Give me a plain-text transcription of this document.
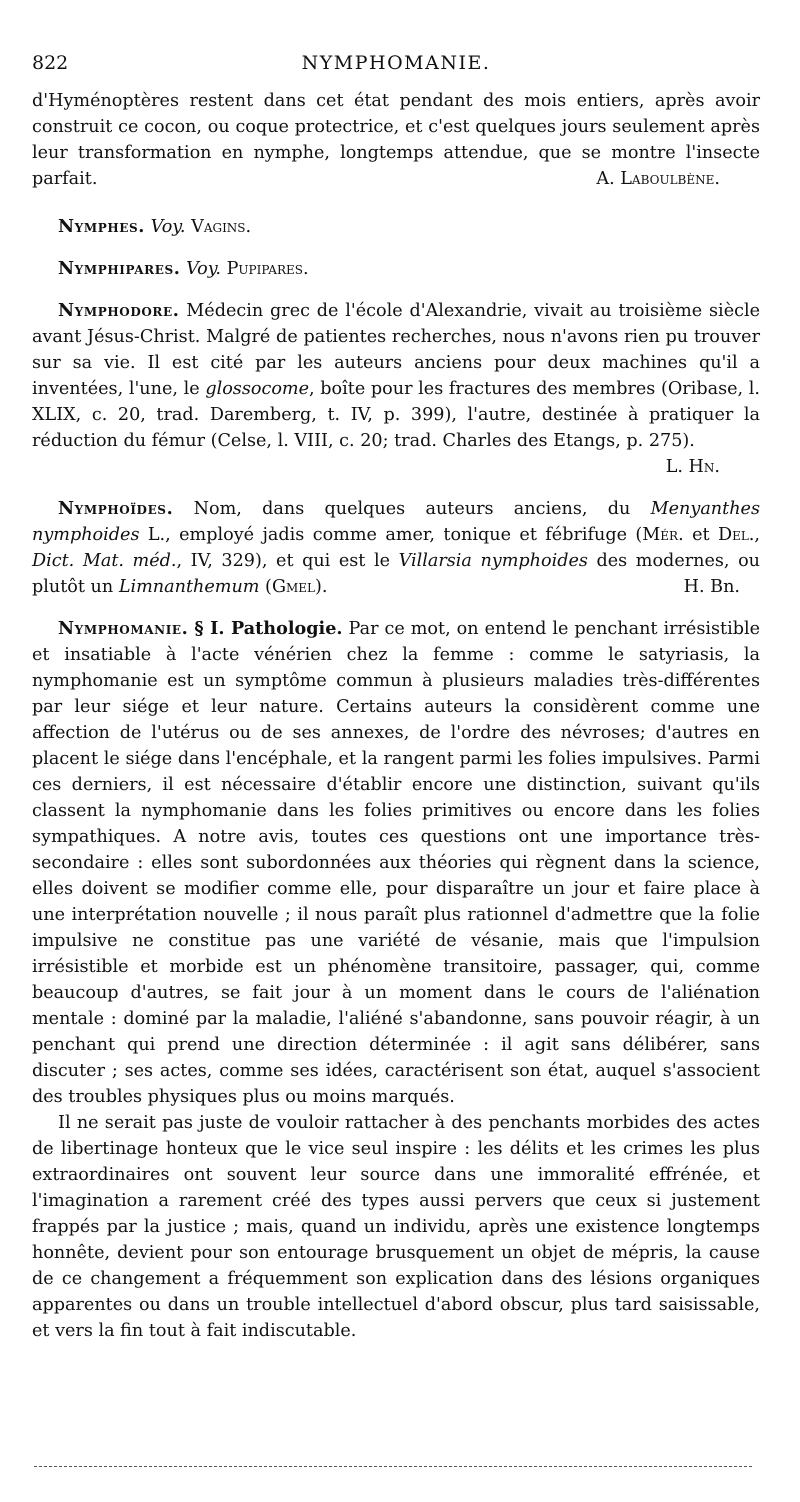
822	NYMPHOMANIE.

d'Hyménoptères restent dans cet état pendant des mois entiers, après avoir construit ce cocon, ou coque protectrice, et c'est quelques jours seulement après leur transformation en nymphe, longtemps attendue, que se montre l'insecte parfait.	A. Laboulbène.

Nymphes. Voy. Vagins.
Nymphipares. Voy. Pupipares.

Nymphodore. Médecin grec de l'école d'Alexandrie, vivait au troisième siècle avant Jésus-Christ. Malgré de patientes recherches, nous n'avons rien pu trouver sur sa vie. Il est cité par les auteurs anciens pour deux machines qu'il a inventées, l'une, le glossocome, boîte pour les fractures des membres (Oribase, l. XLIX, c. 20, trad. Daremberg, t. IV, p. 399), l'autre, destinée à pratiquer la réduction du fémur (Celse, l. VIII, c. 20; trad. Charles des Etangs, p. 275).

L. Hn.

Nymphoïdes. Nom, dans quelques auteurs anciens, du Menyanthes nymphoides L., employé jadis comme amer, tonique et fébrifuge (Mér. et Del., Dict. Mat. méd., IV, 329), et qui est le Villarsia nymphoides des modernes, ou plutôt un Limnanthemum (Gmel).	H. Bn.

Nymphomanie. § I. Pathologie. Par ce mot, on entend le penchant irrésistible et insatiable à l'acte vénérien chez la femme : comme le satyriasis, la nymphomanie est un symptôme commun à plusieurs maladies très-différentes par leur siége et leur nature. Certains auteurs la considèrent comme une affection de l'utérus ou de ses annexes, de l'ordre des névroses; d'autres en placent le siége dans l'encéphale, et la rangent parmi les folies impulsives. Parmi ces derniers, il est nécessaire d'établir encore une distinction, suivant qu'ils classent la nymphomanie dans les folies primitives ou encore dans les folies sympathiques. A notre avis, toutes ces questions ont une importance très-secondaire : elles sont subordonnées aux théories qui règnent dans la science, elles doivent se modifier comme elle, pour disparaître un jour et faire place à une interprétation nouvelle ; il nous paraît plus rationnel d'admettre que la folie impulsive ne constitue pas une variété de vésanie, mais que l'impulsion irrésistible et morbide est un phénomène transitoire, passager, qui, comme beaucoup d'autres, se fait jour à un moment dans le cours de l'aliénation mentale : dominé par la maladie, l'aliéné s'abandonne, sans pouvoir réagir, à un penchant qui prend une direction déterminée : il agit sans délibérer, sans discuter ; ses actes, comme ses idées, caractérisent son état, auquel s'associent des troubles physiques plus ou moins marqués.

Il ne serait pas juste de vouloir rattacher à des penchants morbides des actes de libertinage honteux que le vice seul inspire : les délits et les crimes les plus extraordinaires ont souvent leur source dans une immoralité effrénée, et l'imagination a rarement créé des types aussi pervers que ceux si justement frappés par la justice ; mais, quand un individu, après une existence longtemps honnête, devient pour son entourage brusquement un objet de mépris, la cause de ce changement a fréquemment son explication dans des lésions organiques apparentes ou dans un trouble intellectuel d'abord obscur, plus tard saisissable, et vers la fin tout à fait indiscutable.
